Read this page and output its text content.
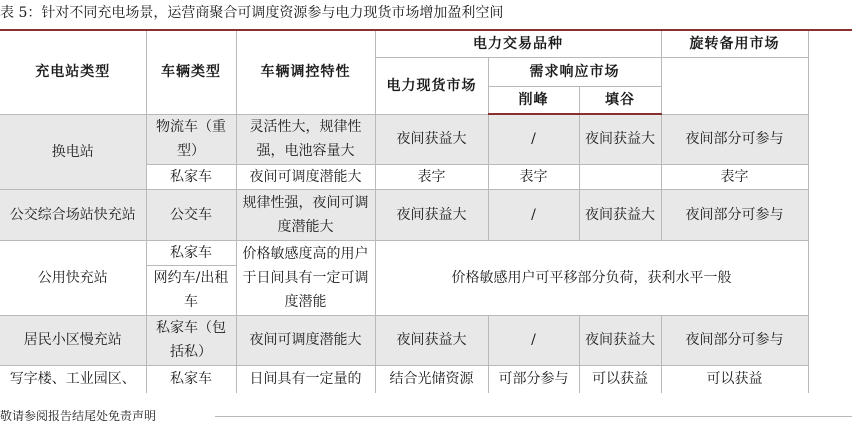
表 5：针对不同充电场景，运营商聚合可调度资源参与电力现货市场增加盈利空间
充电站类型	车辆类型	车辆调控特性	电力交易品种			旋转备用市场	
			电力现货市场	需求响应市场			
				削峰	填谷		
换电站	物流车（重型）	灵活性大，规律性强，电池容量大	夜间获益大	/	夜间获益大	夜间部分可参与	
	私家车	夜间可调度潜能大	表字	表字		表字	
公交综合场站快充站	公交车	规律性强，夜间可调度潜能大	夜间获益大	/	夜间获益大	夜间部分可参与	
公用快充站	私家车	价格敏感度高的用户于日间具有一定可调度潜能	价格敏感用户可平移部分负荷，获利水平一般				
	网约车/出租车						
居民小区慢充站	私家车（包括私）	夜间可调度潜能大	夜间获益大	/	夜间获益大	夜间部分可参与	
写字楼、工业园区、	私家车	日间具有一定量的	结合光储资源	可部分参与	可以获益	可以获益	
敬请参阅报告结尾处免责声明
